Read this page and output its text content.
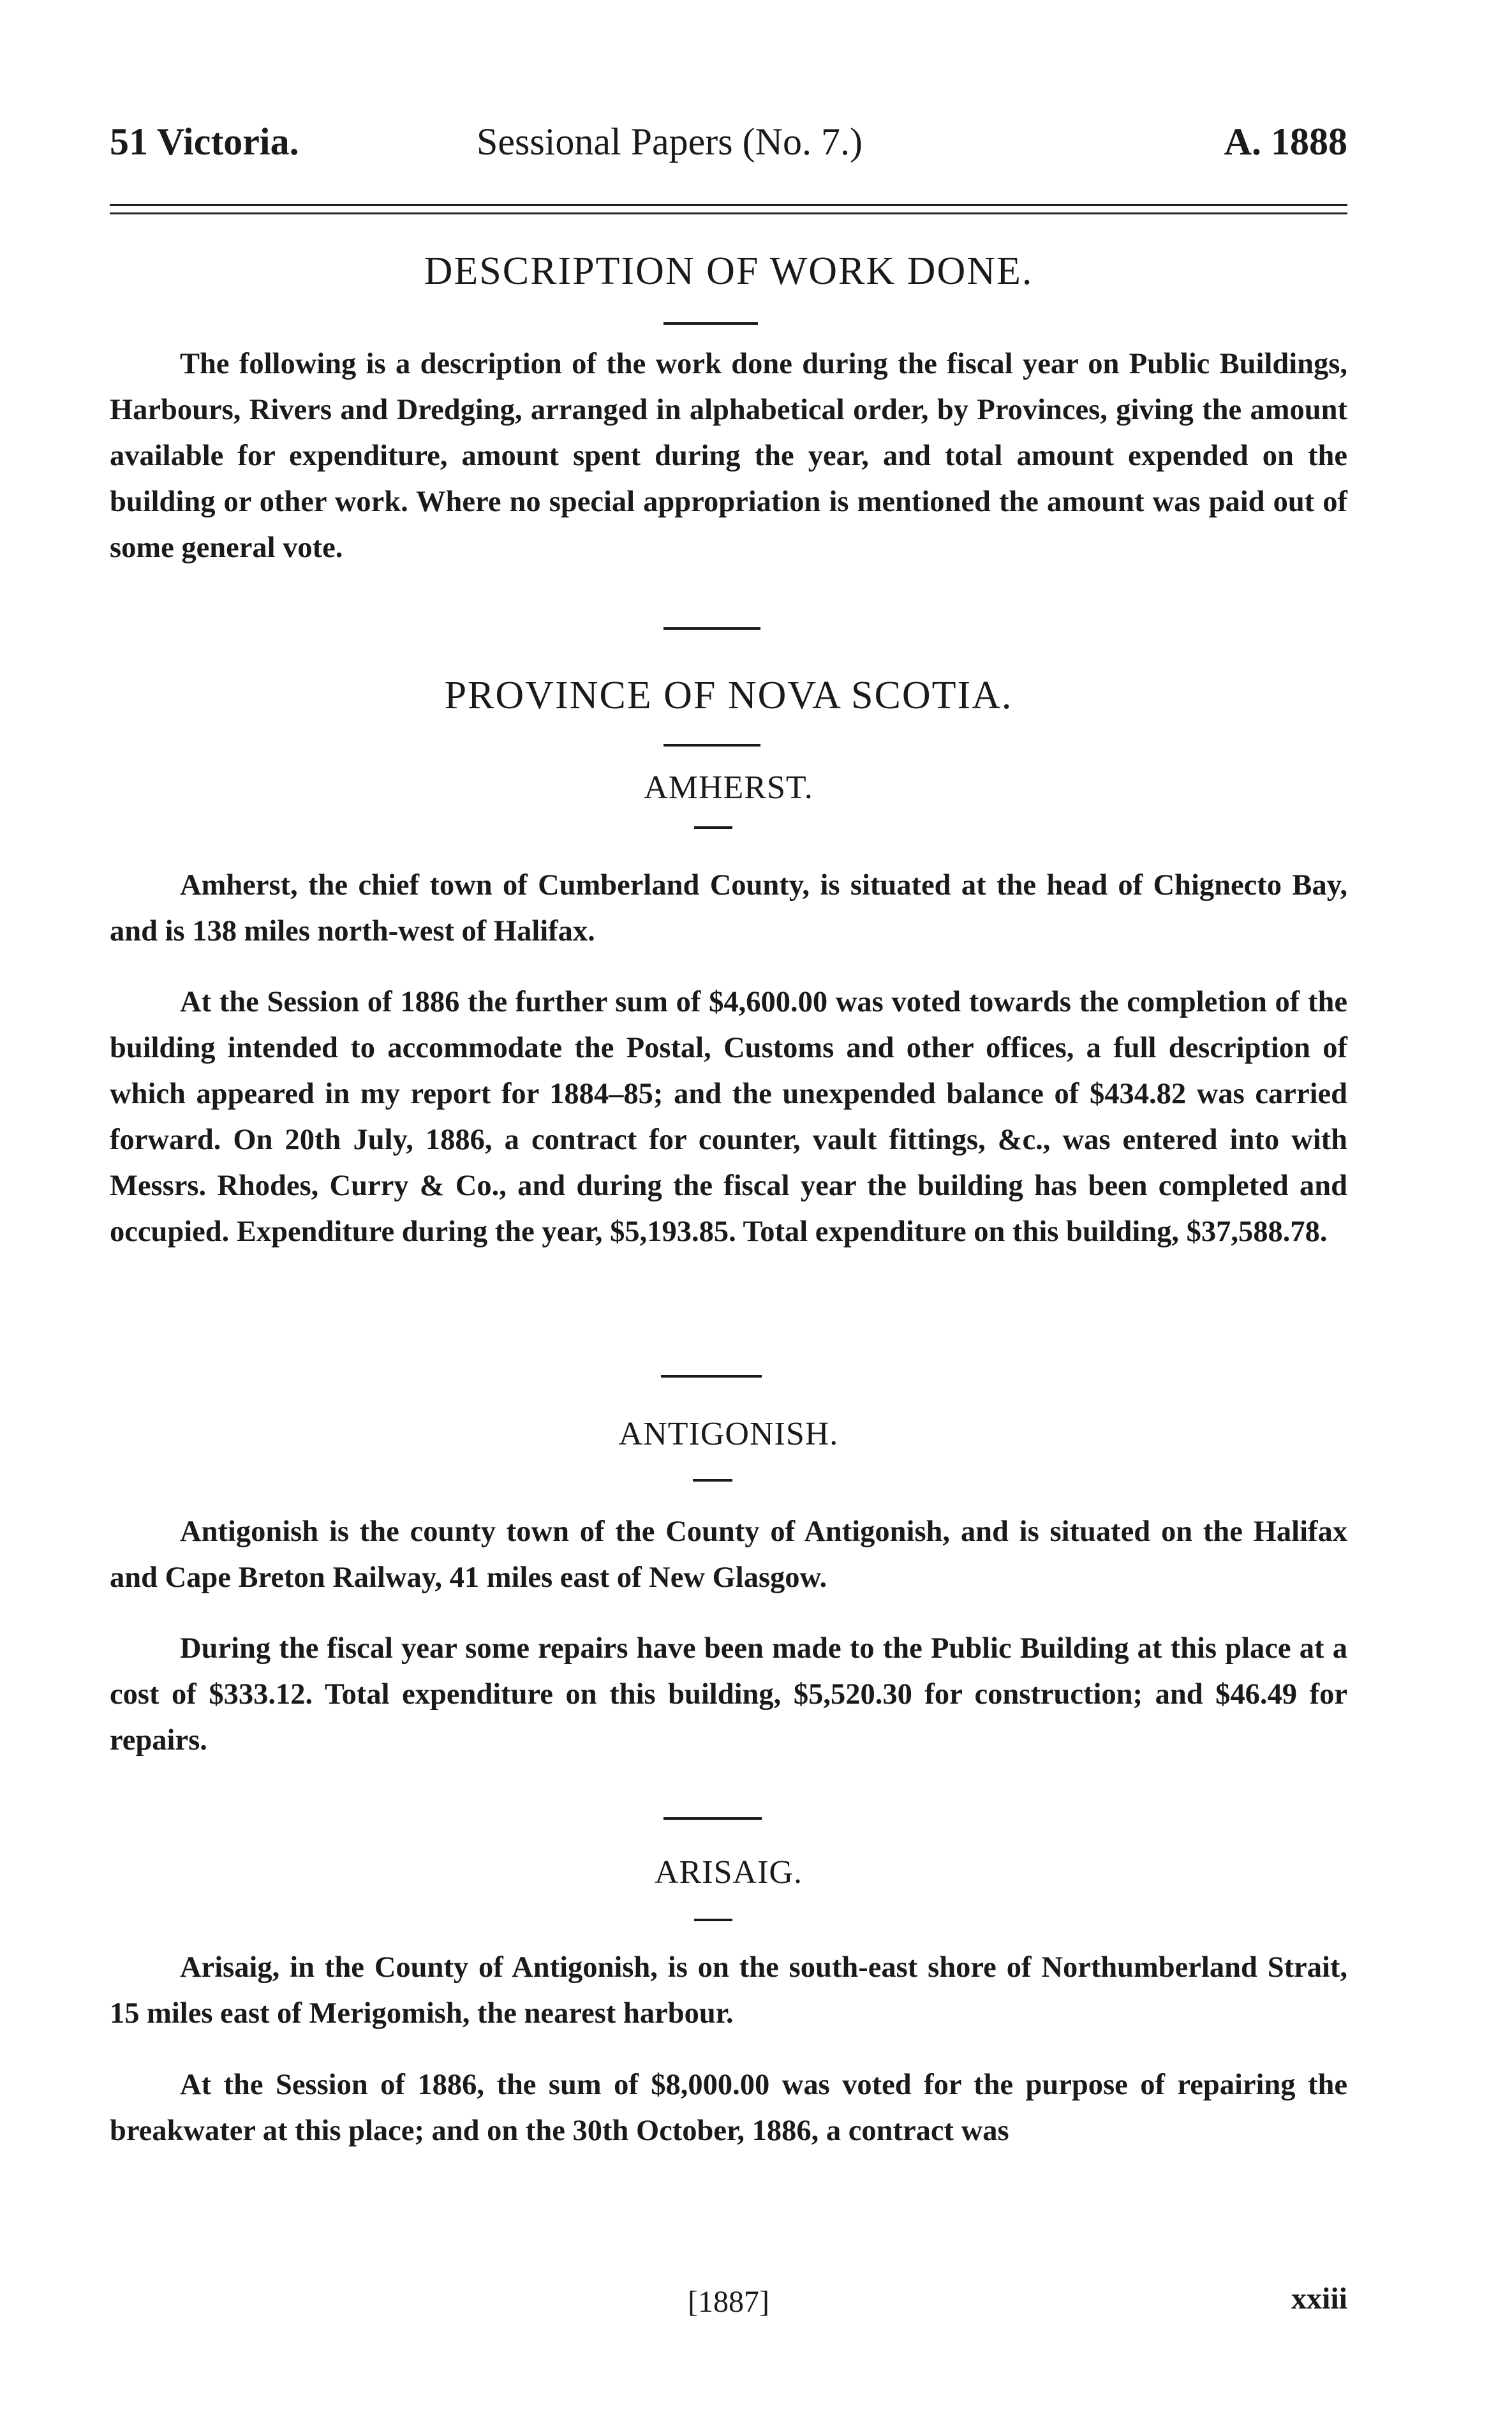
51 Victoria.	Sessional Papers (No. 7.)	A. 1888
DESCRIPTION OF WORK DONE.

The following is a description of the work done during the fiscal year on Public Buildings, Harbours, Rivers and Dredging, arranged in alphabetical order, by Provinces, giving the amount available for expenditure, amount spent during the year, and total amount expended on the building or other work. Where no special appropriation is mentioned the amount was paid out of some general vote.

PROVINCE OF NOVA SCOTIA.
AMHERST.

Amherst, the chief town of Cumberland County, is situated at the head of Chignecto Bay, and is 138 miles north-west of Halifax.

At the Session of 1886 the further sum of $4,600.00 was voted towards the completion of the building intended to accommodate the Postal, Customs and other offices, a full description of which appeared in my report for 1884–85; and the unexpended balance of $434.82 was carried forward. On 20th July, 1886, a contract for counter, vault fittings, &c., was entered into with Messrs. Rhodes, Curry & Co., and during the fiscal year the building has been completed and occupied. Expenditure during the year, $5,193.85. Total expenditure on this building, $37,588.78.

ANTIGONISH.

Antigonish is the county town of the County of Antigonish, and is situated on the Halifax and Cape Breton Railway, 41 miles east of New Glasgow.

During the fiscal year some repairs have been made to the Public Building at this place at a cost of $333.12. Total expenditure on this building, $5,520.30 for construction; and $46.49 for repairs.

ARISAIG.

Arisaig, in the County of Antigonish, is on the south-east shore of Northumberland Strait, 15 miles east of Merigomish, the nearest harbour.

At the Session of 1886, the sum of $8,000.00 was voted for the purpose of repairing the breakwater at this place; and on the 30th October, 1886, a contract was

[1887]	xxiii
